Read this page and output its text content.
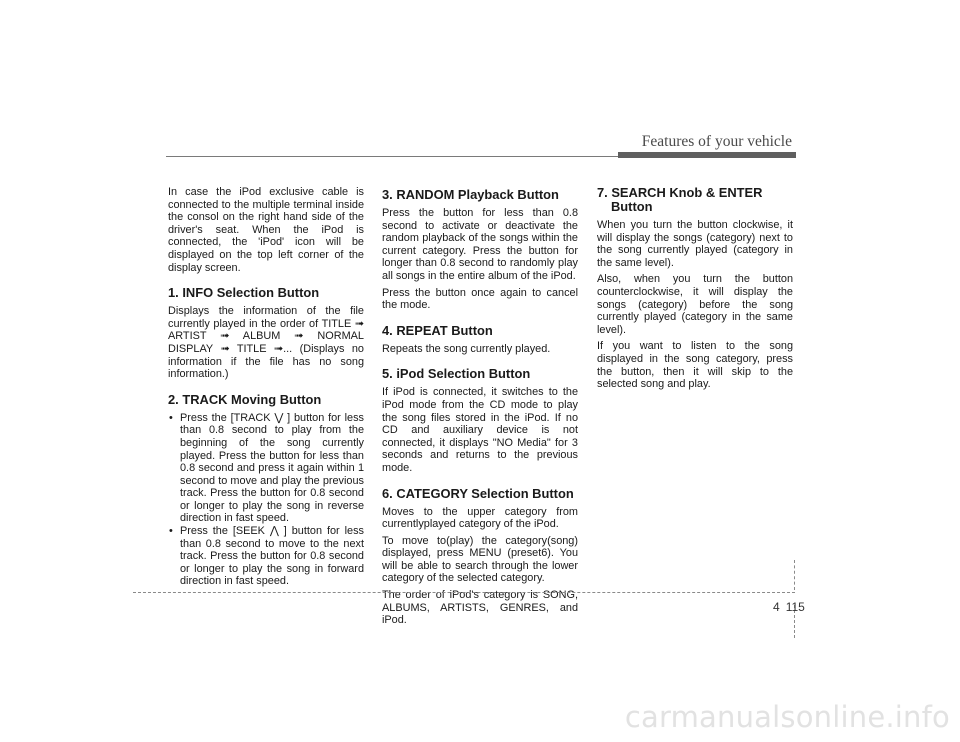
Features of your vehicle

In case the iPod exclusive cable is connected to the multiple terminal inside the consol on the right hand side of the driver's seat. When the iPod is connected, the 'iPod' icon will be displayed on the top left corner of the display screen.

1. INFO Selection Button

Displays the information of the file currently played in the order of TITLE ➟ ARTIST ➟ ALBUM ➟ NORMAL DISPLAY ➟ TITLE ➟... (Displays no information if the file has no song information.)

2. TRACK Moving Button
• Press the [TRACK ⋁ ] button for less than 0.8 second to play from the beginning of the song currently played. Press the button for less than 0.8 second and press it again within 1 second to move and play the previous track. Press the button for 0.8 second or longer to play the song in reverse direction in fast speed.
• Press the [SEEK ⋀ ] button for less than 0.8 second to move to the next track. Press the button for 0.8 second or longer to play the song in forward direction in fast speed.
3. RANDOM Playback Button

Press the button for less than 0.8 second to activate or deactivate the random playback of the songs within the current category. Press the button for longer than 0.8 second to randomly play all songs in the entire album of the iPod.

Press the button once again to cancel the mode.

4. REPEAT Button

Repeats the song currently played.

5. iPod Selection Button

If iPod is connected, it switches to the iPod mode from the CD mode to play the song files stored in the iPod. If no CD and auxiliary device is not connected, it displays "NO Media" for 3 seconds and returns to the previous mode.

6. CATEGORY Selection Button

Moves to the upper category from currentlyplayed category of the iPod.

To move to(play) the category(song) displayed, press MENU (preset6). You will be able to search through the lower category of the selected category.

The order of iPod's category is SONG, ALBUMS, ARTISTS, GENRES, and iPod.

7. SEARCH Knob & ENTER Button

When you turn the button clockwise, it will display the songs (category) next to the song currently played (category in the same level).

Also, when you turn the button counterclockwise, it will display the songs (category) before the song currently played (category in the same level).

If you want to listen to the song displayed in the song category, press the button, then it will skip to the selected song and play.

4 115
carmanualsonline.info
